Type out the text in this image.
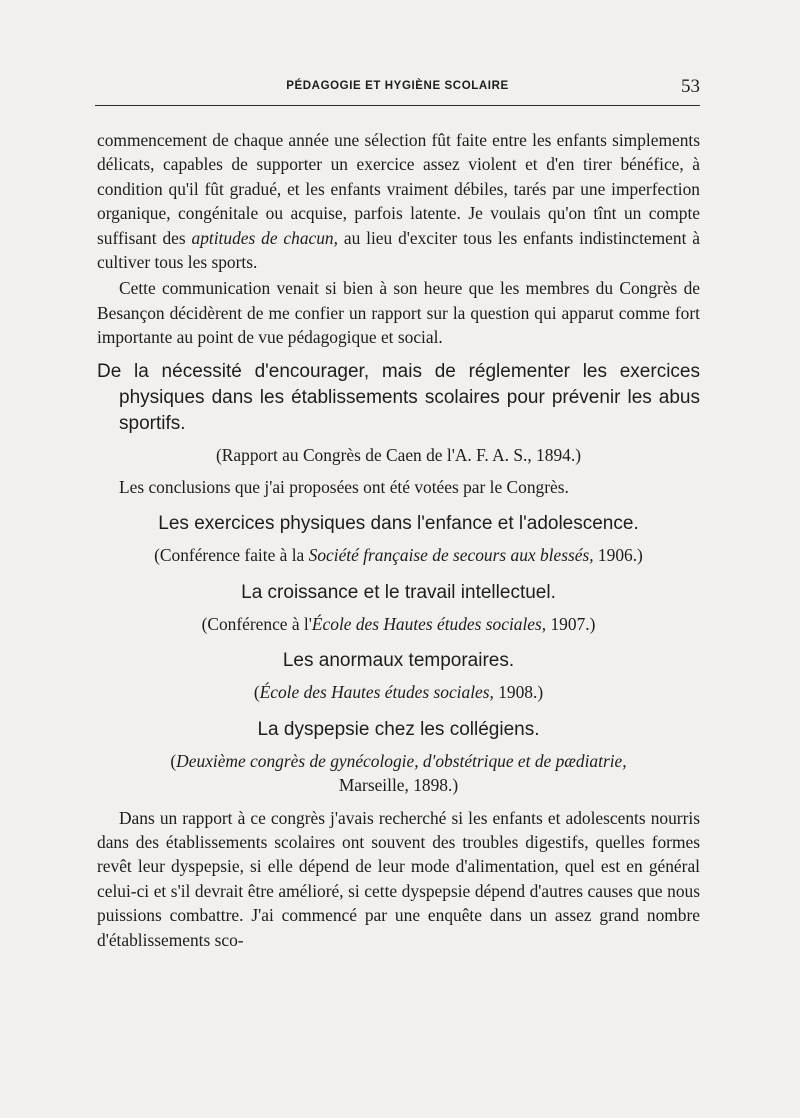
PÉDAGOGIE ET HYGIÈNE SCOLAIRE	53

commencement de chaque année une sélection fût faite entre les enfants simplements délicats, capables de supporter un exercice assez violent et d'en tirer bénéfice, à condition qu'il fût gradué, et les enfants vraiment débiles, tarés par une imperfection organique, congénitale ou acquise, parfois latente. Je voulais qu'on tînt un compte suffisant des aptitudes de chacun, au lieu d'exciter tous les enfants indistinctement à cultiver tous les sports.

Cette communication venait si bien à son heure que les membres du Congrès de Besançon décidèrent de me confier un rapport sur la question qui apparut comme fort importante au point de vue pédagogique et social.

De la nécessité d'encourager, mais de réglementer les exercices physiques dans les établissements scolaires pour prévenir les abus sportifs.

(Rapport au Congrès de Caen de l'A. F. A. S., 1894.)

Les conclusions que j'ai proposées ont été votées par le Congrès.

Les exercices physiques dans l'enfance et l'adolescence.

(Conférence faite à la Société française de secours aux blessés, 1906.)

La croissance et le travail intellectuel.

(Conférence à l'École des Hautes études sociales, 1907.)

Les anormaux temporaires.

(École des Hautes études sociales, 1908.)

La dyspepsie chez les collégiens.

(Deuxième congrès de gynécologie, d'obstétrique et de pædiatrie,
Marseille, 1898.)

Dans un rapport à ce congrès j'avais recherché si les enfants et adolescents nourris dans des établissements scolaires ont souvent des troubles digestifs, quelles formes revêt leur dyspepsie, si elle dépend de leur mode d'alimentation, quel est en général celui-ci et s'il devrait être amélioré, si cette dyspepsie dépend d'autres causes que nous puissions combattre. J'ai commencé par une enquête dans un assez grand nombre d'établissements sco-
